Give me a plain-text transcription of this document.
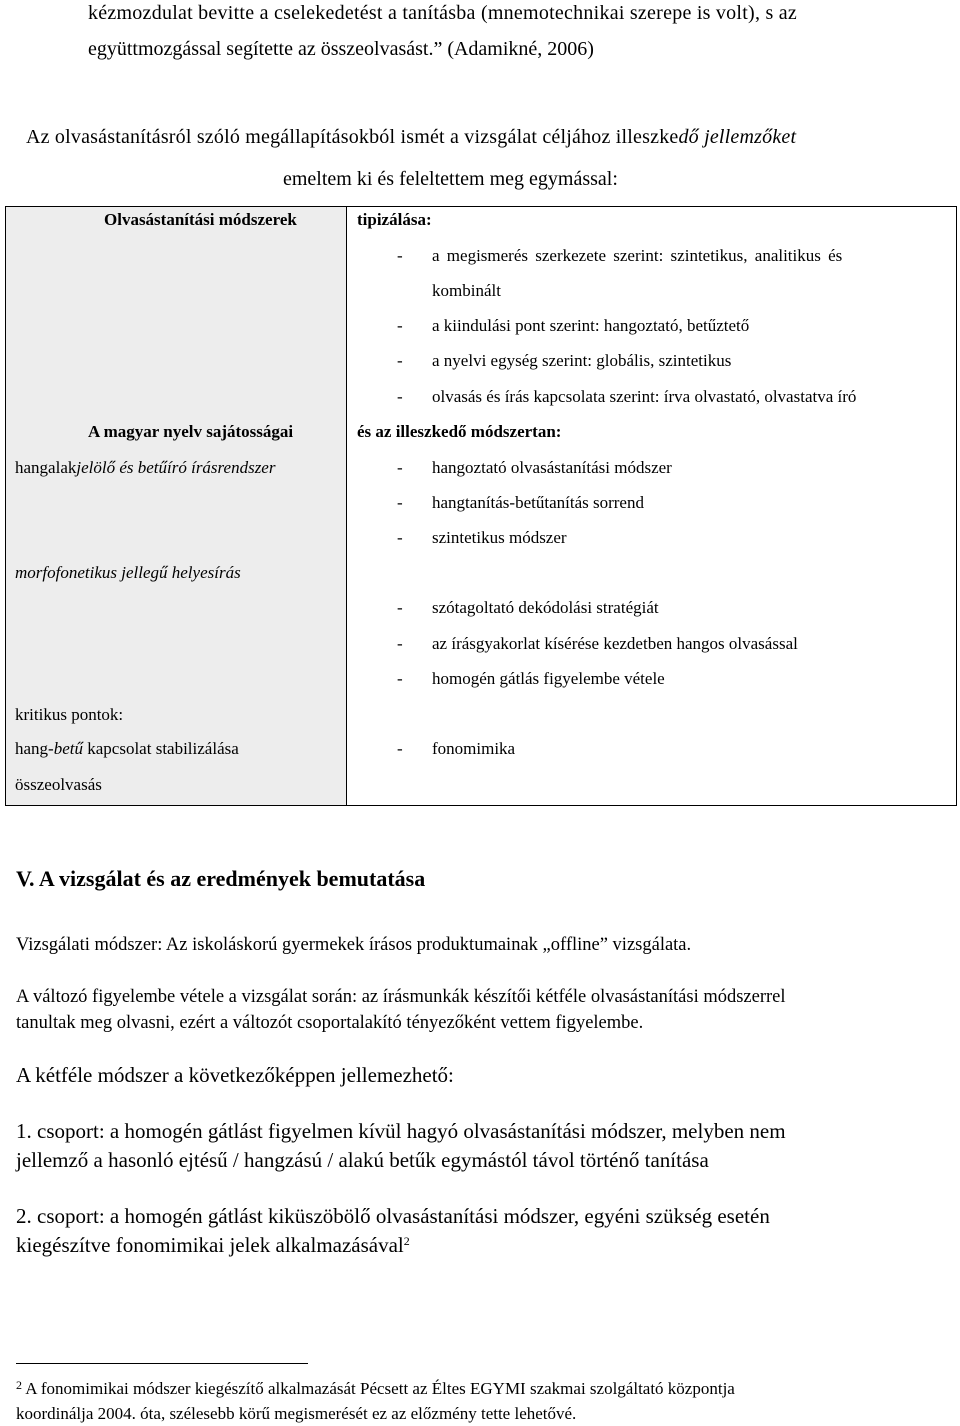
kézmozdulat bevitte a cselekedetést a tanításba (mnemotechnikai szerepe is volt), s az
együttmozgással segítette az összeolvasást.” (Adamikné, 2006)
Az olvasástanításról szóló megállapításokból ismét a vizsgálat céljához illeszkedő jellemzőket
emeltem ki és feleltettem meg egymással:
Olvasástanítási módszerek	tipizálása:
- a megismerés szerkezete szerint: szintetikus, analitikus és
kombinált
- a kiindulási pont szerint: hangoztató, betűztető
- a nyelvi egység szerint: globális, szintetikus
- olvasás és írás kapcsolata szerint: írva olvastató, olvastatva író
A magyar nyelv sajátosságai	és az illeszkedő módszertan:
hangalakjelölő és betűíró írásrendszer
morfofonetikus jellegű helyesírás
kritikus pontok:
hang-betű kapcsolat stabilizálása
összeolvasás
- hangoztató olvasástanítási módszer
- hangtanítás-betűtanítás sorrend
- szintetikus módszer
- szótagoltató dekódolási stratégiát
- az írásgyakorlat kísérése kezdetben hangos olvasással
- homogén gátlás figyelembe vétele
- fonomimika
V. A vizsgálat és az eredmények bemutatása
Vizsgálati módszer: Az iskoláskorú gyermekek írásos produktumainak „offline” vizsgálata.
A változó figyelembe vétele a vizsgálat során: az írásmunkák készítői kétféle olvasástanítási módszerrel
tanultak meg olvasni, ezért a változót csoportalakító tényezőként vettem figyelembe.
A kétféle módszer a következőképpen jellemezhető:
1. csoport: a homogén gátlást figyelmen kívül hagyó olvasástanítási módszer, melyben nem
jellemző a hasonló ejtésű / hangzású / alakú betűk egymástól távol történő tanítása
2. csoport: a homogén gátlást kiküszöbölő olvasástanítási módszer, egyéni szükség esetén
kiegészítve fonomimikai jelek alkalmazásával$^2$
$^2$ A fonomimikai módszer kiegészítő alkalmazását Pécsett az Éltes EGYMI szakmai szolgáltató központja
koordinálja 2004. óta, szélesebb körű megismerését ez az előzmény tette lehetővé.
